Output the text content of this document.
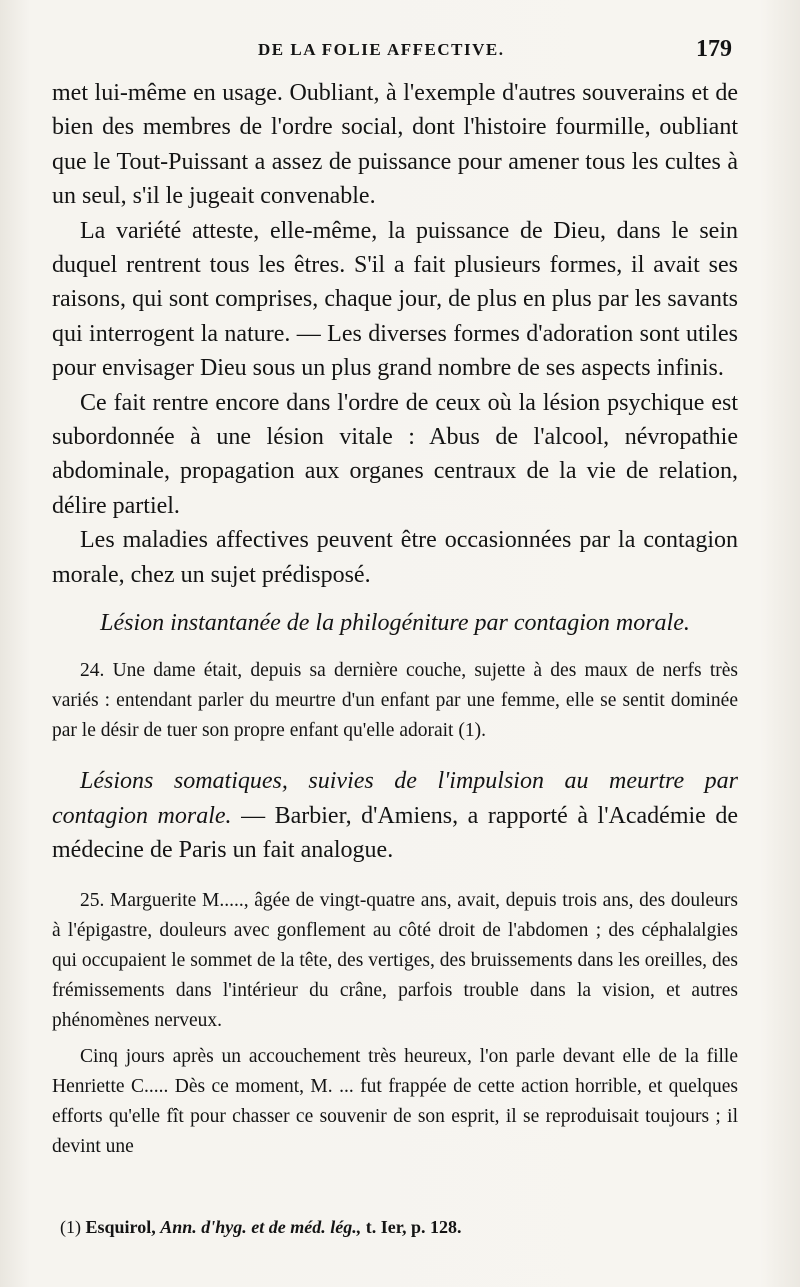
DE LA FOLIE AFFECTIVE.	179

met lui-même en usage. Oubliant, à l'exemple d'autres souverains et de bien des membres de l'ordre social, dont l'histoire fourmille, oubliant que le Tout-Puissant a assez de puissance pour amener tous les cultes à un seul, s'il le jugeait convenable.

La variété atteste, elle-même, la puissance de Dieu, dans le sein duquel rentrent tous les êtres. S'il a fait plusieurs formes, il avait ses raisons, qui sont comprises, chaque jour, de plus en plus par les savants qui interrogent la nature. — Les diverses formes d'adoration sont utiles pour envisager Dieu sous un plus grand nombre de ses aspects infinis.

Ce fait rentre encore dans l'ordre de ceux où la lésion psychique est subordonnée à une lésion vitale : Abus de l'alcool, névropathie abdominale, propagation aux organes centraux de la vie de relation, délire partiel.

Les maladies affectives peuvent être occasionnées par la contagion morale, chez un sujet prédisposé.

Lésion instantanée de la philogéniture par contagion morale.

24. Une dame était, depuis sa dernière couche, sujette à des maux de nerfs très variés : entendant parler du meurtre d'un enfant par une femme, elle se sentit dominée par le désir de tuer son propre enfant qu'elle adorait (1).

Lésions somatiques, suivies de l'impulsion au meurtre par contagion morale. — Barbier, d'Amiens, a rapporté à l'Académie de médecine de Paris un fait analogue.

25. Marguerite M....., âgée de vingt-quatre ans, avait, depuis trois ans, des douleurs à l'épigastre, douleurs avec gonflement au côté droit de l'abdomen ; des céphalalgies qui occupaient le sommet de la tête, des vertiges, des bruissements dans les oreilles, des frémissements dans l'intérieur du crâne, parfois trouble dans la vision, et autres phénomènes nerveux.

Cinq jours après un accouchement très heureux, l'on parle devant elle de la fille Henriette C..... Dès ce moment, M. ... fut frappée de cette action horrible, et quelques efforts qu'elle fît pour chasser ce souvenir de son esprit, il se reproduisait toujours ; il devint une

(1) Esquirol, Ann. d'hyg. et de méd. lég., t. Ier, p. 128.
